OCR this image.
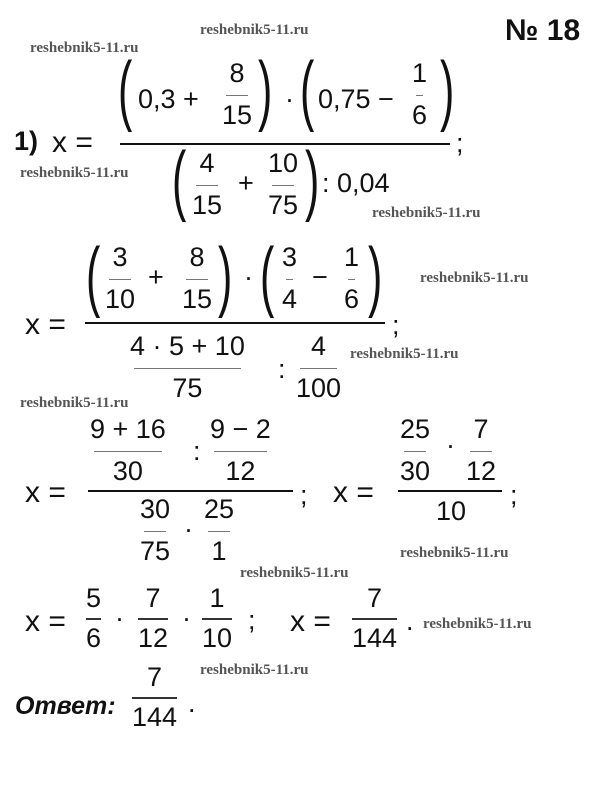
№ 18
reshebnik5-11.ru
reshebnik5-11.ru
reshebnik5-11.ru
reshebnik5-11.ru
reshebnik5-11.ru
reshebnik5-11.ru
reshebnik5-11.ru
reshebnik5-11.ru
reshebnik5-11.ru
reshebnik5-11.ru
reshebnik5-11.ru
1) x =
( 0,3 +
8
15 ) · ( 0,75 −
1
6 )
;
( 4
15
+
10
75 ) : 0,04
x =
( 3
10
+
8
15 ) · ( 3
4
−
1
6 )
;
4 · 5 + 10
75
:
4
100
x =
9 + 16
30
:
9 − 2
12
;
30
75
·
25
1
x =
25
30
·
7
12
10
;
x =
5
6
·
7
12
·
1
10
; x =
7
144
.
Ответ:
7
144 .
